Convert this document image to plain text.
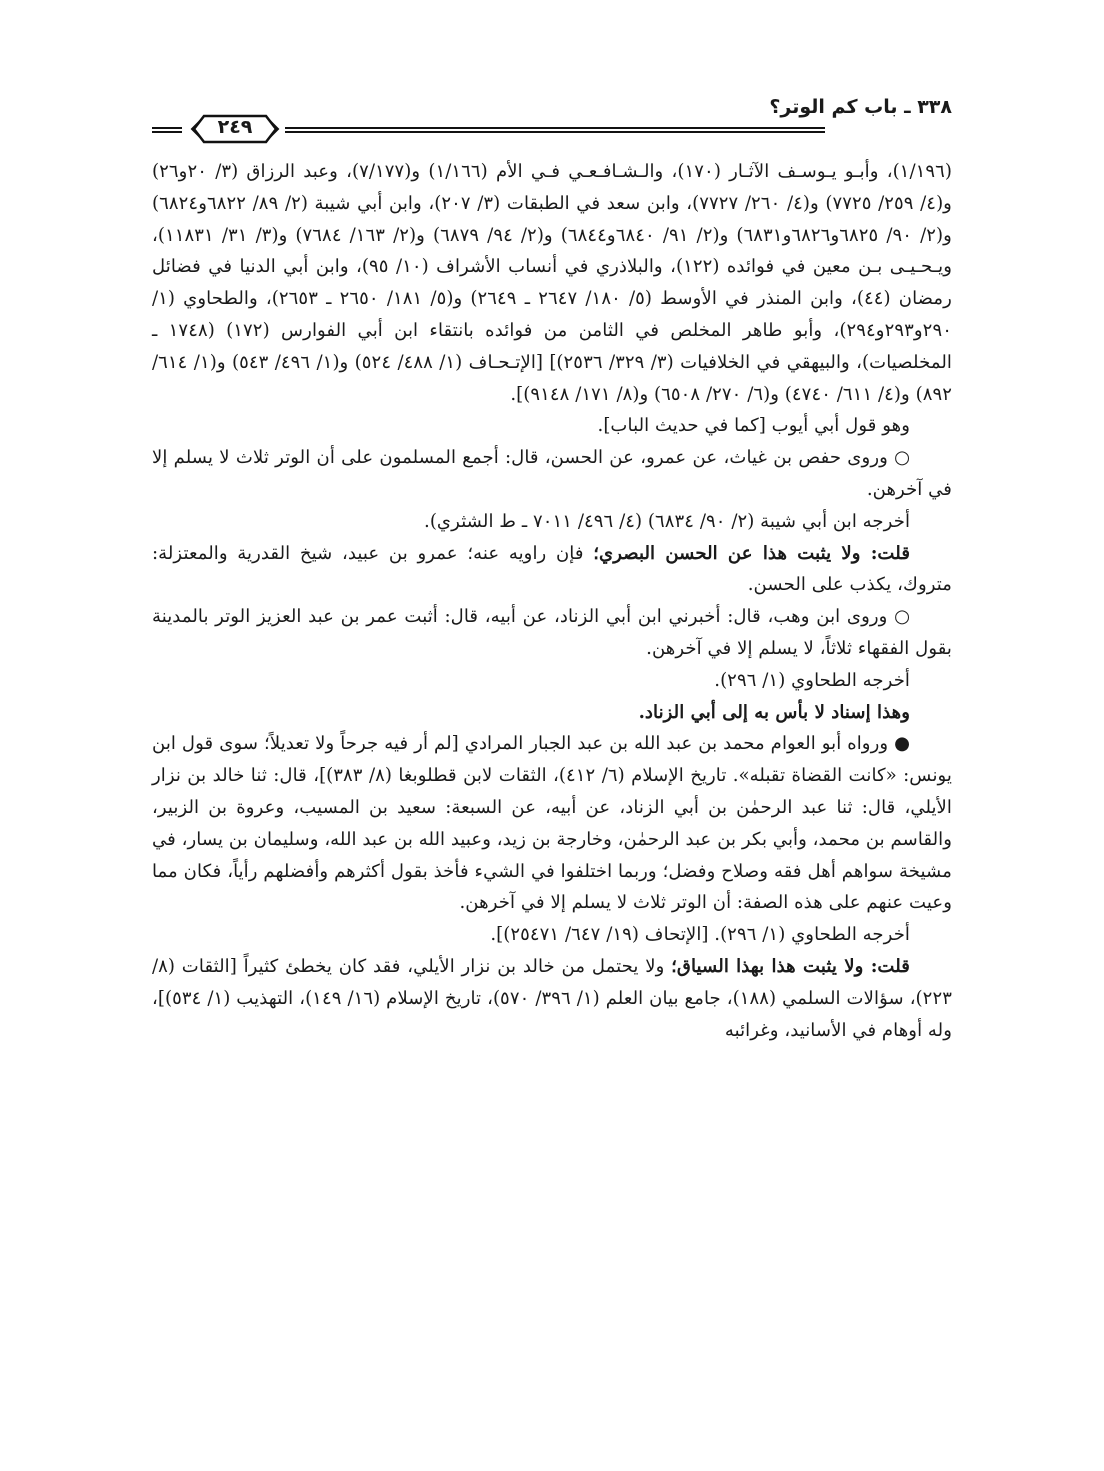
٣٣٨ ـ باب كم الوتر؟
٢٤٩

(١/١٩٦)، وأبـو يـوسـف الآثـار (١٧٠)، والـشـافـعـي فـي الأم (١/١٦٦) و(٧/١٧٧)، وعبد الرزاق (٣/ ٢٠و٢٦) و(٤/ ٢٥٩/ ٧٧٢٥) و(٤/ ٢٦٠/ ٧٧٢٧)، وابن سعد في الطبقات (٣/ ٢٠٧)، وابن أبي شيبة (٢/ ٨٩/ ٦٨٢٢و٦٨٢٤) و(٢/ ٩٠/ ٦٨٢٥و٦٨٢٦و٦٨٣١) و(٢/ ٩١/ ٦٨٤٠و٦٨٤٤) و(٢/ ٩٤/ ٦٨٧٩) و(٢/ ١٦٣/ ٧٦٨٤) و(٣/ ٣١/ ١١٨٣١)، ويـحـيـى بـن معين في فوائده (١٢٢)، والبلاذري في أنساب الأشراف (١٠/ ٩٥)، وابن أبي الدنيا في فضائل رمضان (٤٤)، وابن المنذر في الأوسط (٥/ ١٨٠/ ٢٦٤٧ ـ ٢٦٤٩) و(٥/ ١٨١/ ٢٦٥٠ ـ ٢٦٥٣)، والطحاوي (١/ ٢٩٠و٢٩٣و٢٩٤)، وأبو طاهر المخلص في الثامن من فوائده بانتقاء ابن أبي الفوارس (١٧٢) (١٧٤٨ ـ المخلصيات)، والبيهقي في الخلافيات (٣/ ٣٢٩/ ٢٥٣٦)] [الإتـحـاف (١/ ٤٨٨/ ٥٢٤) و(١/ ٤٩٦/ ٥٤٣) و(١/ ٦١٤/ ٨٩٢) و(٤/ ٦١١/ ٤٧٤٠) و(٦/ ٢٧٠/ ٦٥٠٨) و(٨/ ١٧١/ ٩١٤٨)].

وهو قول أبي أيوب [كما في حديث الباب].

○ وروى حفص بن غياث، عن عمرو، عن الحسن، قال: أجمع المسلمون على أن الوتر ثلاث لا يسلم إلا في آخرهن.

أخرجه ابن أبي شيبة (٢/ ٩٠/ ٦٨٣٤) (٤/ ٤٩٦/ ٧٠١١ ـ ط الشثري).

قلت: ولا يثبت هذا عن الحسن البصري؛ فإن راويه عنه؛ عمرو بن عبيد، شيخ القدرية والمعتزلة: متروك، يكذب على الحسن.

○ وروى ابن وهب، قال: أخبرني ابن أبي الزناد، عن أبيه، قال: أثبت عمر بن عبد العزيز الوتر بالمدينة بقول الفقهاء ثلاثاً، لا يسلم إلا في آخرهن.

أخرجه الطحاوي (١/ ٢٩٦).

وهذا إسناد لا بأس به إلى أبي الزناد.

● ورواه أبو العوام محمد بن عبد الله بن عبد الجبار المرادي [لم أر فيه جرحاً ولا تعديلاً؛ سوى قول ابن يونس: «كانت القضاة تقبله». تاريخ الإسلام (٦/ ٤١٢)، الثقات لابن قطلوبغا (٨/ ٣٨٣)]، قال: ثنا خالد بن نزار الأيلي، قال: ثنا عبد الرحمٰن بن أبي الزناد، عن أبيه، عن السبعة: سعيد بن المسيب، وعروة بن الزبير، والقاسم بن محمد، وأبي بكر بن عبد الرحمٰن، وخارجة بن زيد، وعبيد الله بن عبد الله، وسليمان بن يسار، في مشيخة سواهم أهل فقه وصلاح وفضل؛ وربما اختلفوا في الشيء فأخذ بقول أكثرهم وأفضلهم رأياً، فكان مما وعيت عنهم على هذه الصفة: أن الوتر ثلاث لا يسلم إلا في آخرهن.

أخرجه الطحاوي (١/ ٢٩٦). [الإتحاف (١٩/ ٦٤٧/ ٢٥٤٧١)].

قلت: ولا يثبت هذا بهذا السياق؛ ولا يحتمل من خالد بن نزار الأيلي، فقد كان يخطئ كثيراً [الثقات (٨/ ٢٢٣)، سؤالات السلمي (١٨٨)، جامع بيان العلم (١/ ٣٩٦/ ٥٧٠)، تاريخ الإسلام (١٦/ ١٤٩)، التهذيب (١/ ٥٣٤)]، وله أوهام في الأسانيد، وغرائبه
